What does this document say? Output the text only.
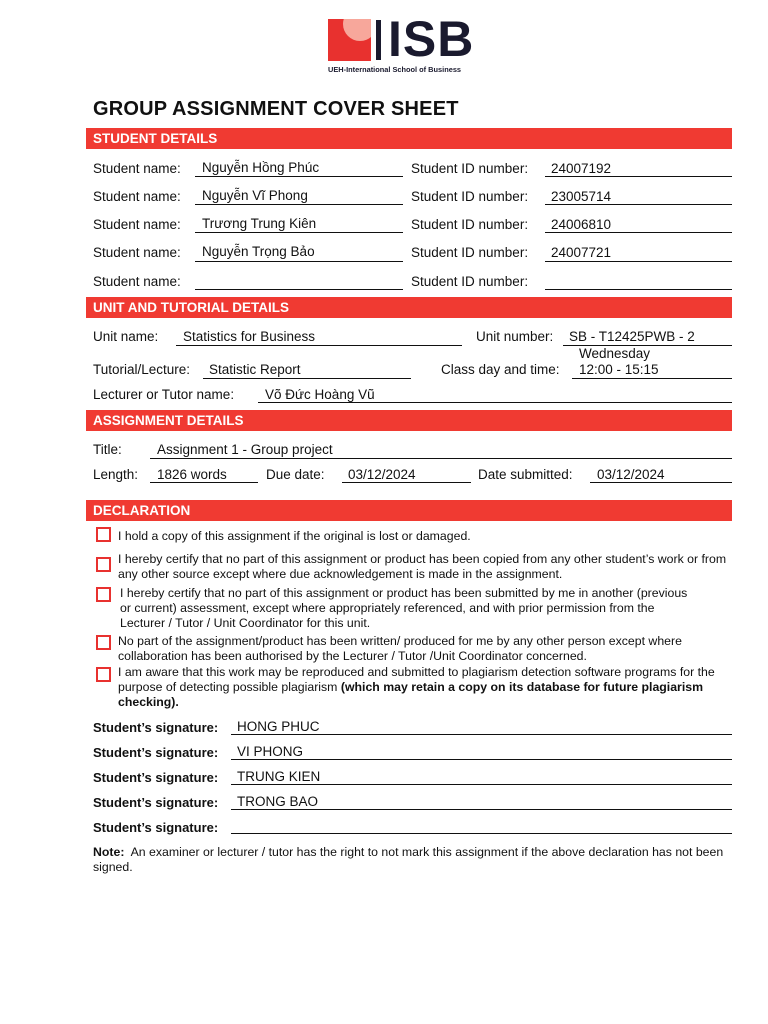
ISB
UEH-International School of Business
GROUP ASSIGNMENT COVER SHEET
STUDENT DETAILS
Student name: Nguyễn Hồng Phúc	Student ID number: 24007192
Student name: Nguyễn Vĩ Phong	Student ID number: 23005714
Student name: Trương Trung Kiên	Student ID number: 24006810
Student name: Nguyễn Trọng Bảo	Student ID number: 24007721
Student name:	Student ID number:
UNIT AND TUTORIAL DETAILS
Unit name: Statistics for Business	Unit number: SB - T12425PWB - 2
Tutorial/Lecture: Statistic Report	Class day and time:
Wednesday
12:00 - 15:15
Lecturer or Tutor name: Võ Đức Hoàng Vũ
ASSIGNMENT DETAILS
Title:	Assignment 1 - Group project
Length: 1826 words	Due date: 03/12/2024	Date submitted: 03/12/2024
DECLARATION
I hold a copy of this assignment if the original is lost or damaged.
I hereby certify that no part of this assignment or product has been copied from any other student’s work or from any other source except where due acknowledgement is made in the assignment.
I hereby certify that no part of this assignment or product has been submitted by me in another (previous or current) assessment, except where appropriately referenced, and with prior permission from the Lecturer / Tutor / Unit Coordinator for this unit.
No part of the assignment/product has been written/ produced for me by any other person except where collaboration has been authorised by the Lecturer / Tutor /Unit Coordinator concerned.
I am aware that this work may be reproduced and submitted to plagiarism detection software programs for the purpose of detecting possible plagiarism (which may retain a copy on its database for future plagiarism checking).
Student’s signature: HONG PHUC
Student’s signature: VI PHONG
Student’s signature: TRUNG KIEN
Student’s signature: TRONG BAO
Student’s signature:
Note: An examiner or lecturer / tutor has the right to not mark this assignment if the above declaration has not been signed.
